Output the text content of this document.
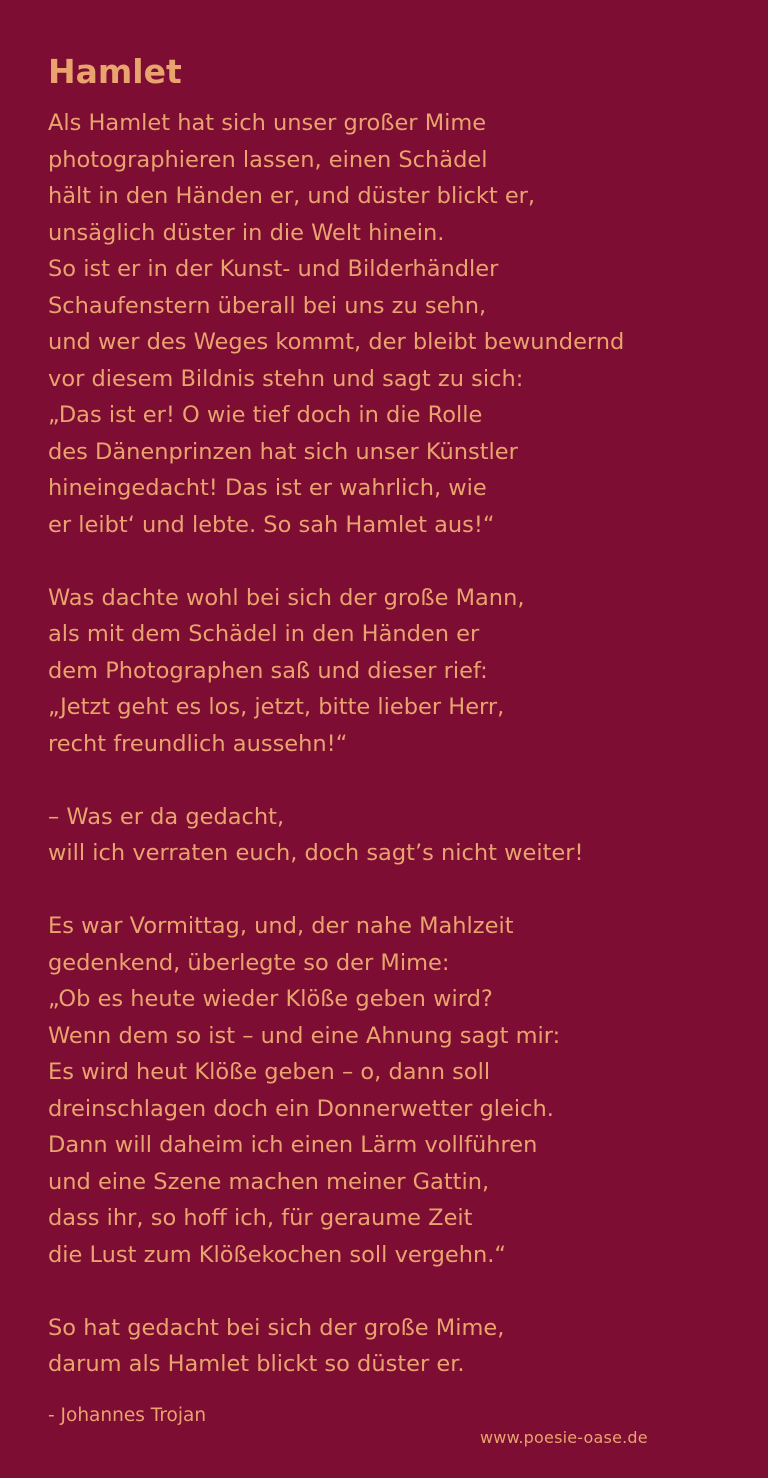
Hamlet
Als Hamlet hat sich unser großer Mime
photographieren lassen, einen Schädel
hält in den Händen er, und düster blickt er,
unsäglich düster in die Welt hinein.
So ist er in der Kunst- und Bilderhändler
Schaufenstern überall bei uns zu sehn,
und wer des Weges kommt, der bleibt bewundernd
vor diesem Bildnis stehn und sagt zu sich:
„Das ist er! O wie tief doch in die Rolle
des Dänenprinzen hat sich unser Künstler
hineingedacht! Das ist er wahrlich, wie
er leibt‘ und lebte. So sah Hamlet aus!“
Was dachte wohl bei sich der große Mann,
als mit dem Schädel in den Händen er
dem Photographen saß und dieser rief:
„Jetzt geht es los, jetzt, bitte lieber Herr,
recht freundlich aussehn!“
– Was er da gedacht,
will ich verraten euch, doch sagt’s nicht weiter!
Es war Vormittag, und, der nahe Mahlzeit
gedenkend, überlegte so der Mime:
„Ob es heute wieder Klöße geben wird?
Wenn dem so ist – und eine Ahnung sagt mir:
Es wird heut Klöße geben – o, dann soll
dreinschlagen doch ein Donnerwetter gleich.
Dann will daheim ich einen Lärm vollführen
und eine Szene machen meiner Gattin,
dass ihr, so hoff ich, für geraume Zeit
die Lust zum Klößekochen soll vergehn.“
So hat gedacht bei sich der große Mime,
darum als Hamlet blickt so düster er.
- Johannes Trojan
www.poesie-oase.de
